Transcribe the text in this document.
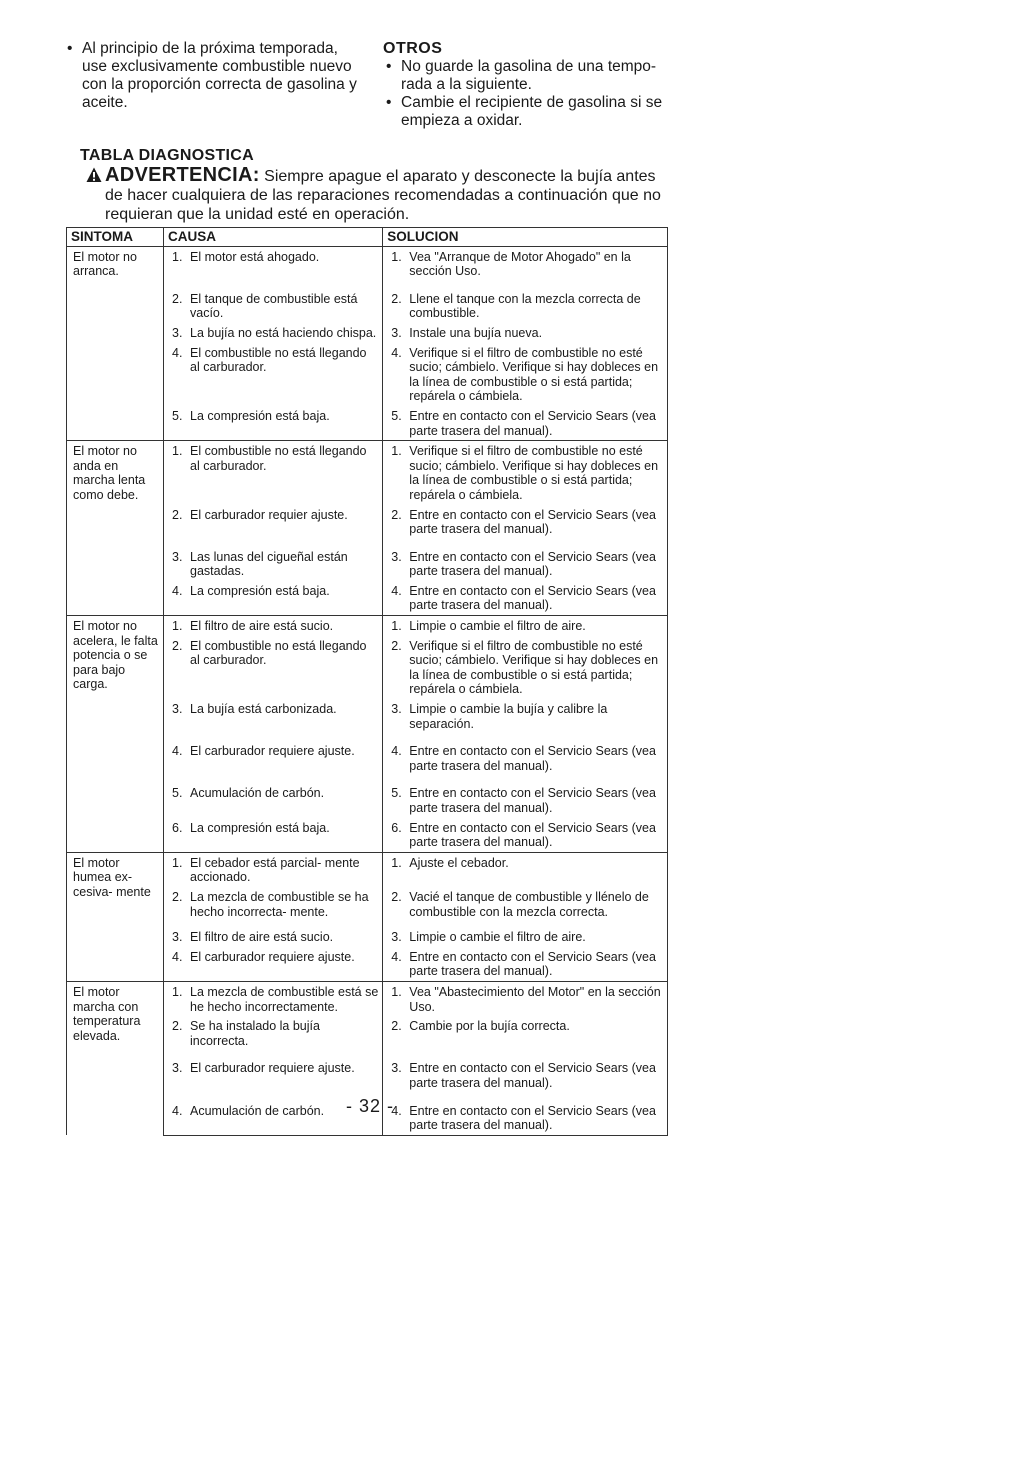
• Al principio de la próxima temporada, use exclusivamente combustible nuevo con la proporción correcta de gasolina y aceite.
OTROS
• No guarde la gasolina de una tempo- rada a la siguiente.
• Cambie el recipiente de gasolina si se empieza a oxidar.
TABLA DIAGNOSTICA
ADVERTENCIA: Siempre apague el aparato y desconecte la bujía antes
de hacer cualquiera de las reparaciones recomendadas a continuación que no requieran que la unidad esté en operación.
SINTOMA	CAUSA	SOLUCION

El motor no arranca.	1. El motor está ahogado.	1. Vea "Arranque de Motor Ahogado" en la sección Uso.

	2. El tanque de combustible está vacío.	2. Llene el tanque con la mezcla correcta de combustible.

	3. La bujía no está haciendo chispa.	3. Instale una bujía nueva.

	4. El combustible no está llegando al carburador.	4. Verifique si el filtro de combustible no esté sucio; cámbielo. Verifique si hay dobleces en la línea de combustible o si está partida; repárela o cámbiela.

	5. La compresión está baja.	5. Entre en contacto con el Servicio Sears (vea parte trasera del manual).

El motor no anda en marcha lenta como debe.	1. El combustible no está llegando al carburador.	1. Verifique si el filtro de combustible no esté sucio; cámbielo. Verifique si hay dobleces en la línea de combustible o si está partida; repárela o cámbiela.

	2. El carburador requier ajuste.	2. Entre en contacto con el Servicio Sears (vea parte trasera del manual).

	3. Las lunas del cigueñal están gastadas.	3. Entre en contacto con el Servicio Sears (vea parte trasera del manual).

	4. La compresión está baja.	4. Entre en contacto con el Servicio Sears (vea parte trasera del manual).

El motor no acelera, le falta potencia o se para bajo carga.	1. El filtro de aire está sucio.	1. Limpie o cambie el filtro de aire.

	2. El combustible no está llegando al carburador.	2. Verifique si el filtro de combustible no esté sucio; cámbielo. Verifique si hay dobleces en la línea de combustible o si está partida; repárela o cámbiela.

	3. La bujía está carbonizada.	3. Limpie o cambie la bujía y calibre la separación.

	4. El carburador requiere ajuste.	4. Entre en contacto con el Servicio Sears (vea parte trasera del manual).

	5. Acumulación de carbón.	5. Entre en contacto con el Servicio Sears (vea parte trasera del manual).

	6. La compresión está baja.	6. Entre en contacto con el Servicio Sears (vea parte trasera del manual).

El motor humea ex- cesiva- mente	1. El cebador está parcial- mente accionado.	1. Ajuste el cebador.

	2. La mezcla de combustible se ha hecho incorrecta- mente.	2. Vacié el tanque de combustible y llénelo de combustible con la mezcla correcta.

	3. El filtro de aire está sucio.	3. Limpie o cambie el filtro de aire.

	4. El carburador requiere ajuste.	4. Entre en contacto con el Servicio Sears (vea parte trasera del manual).

El motor marcha con temperatura elevada.	1. La mezcla de combustible está se he hecho incorrectamente.	1. Vea "Abastecimiento del Motor" en la sección Uso.

	2. Se ha instalado la bujía incorrecta.	2. Cambie por la bujía correcta.

	3. El carburador requiere ajuste.	3. Entre en contacto con el Servicio Sears (vea parte trasera del manual).

	4. Acumulación de carbón.	4. Entre en contacto con el Servicio Sears (vea parte trasera del manual).
- 32 -
